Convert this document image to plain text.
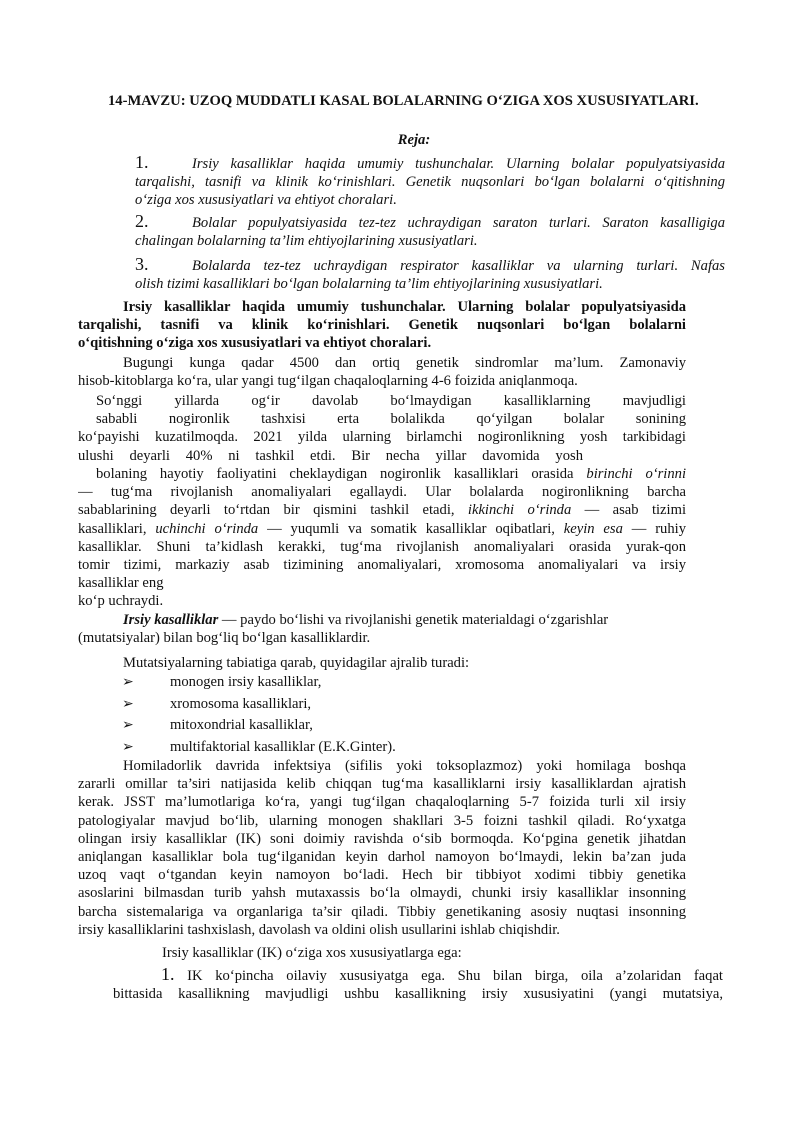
14-MAVZU: UZOQ MUDDATLI KASAL BOLALARNING O‘ZIGA XOS XUSUSIYATLARI.
Reja:
1.	Irsiy kasalliklar haqida umumiy tushunchalar. Ularning bolalar populyatsiyasida
tarqalishi, tasnifi va klinik ko‘rinishlari. Genetik nuqsonlari bo‘lgan bolalarni o‘qitishning
o‘ziga xos xususiyatlari va ehtiyot choralari.
2.	Bolalar populyatsiyasida tez-tez uchraydigan saraton turlari. Saraton kasalligiga
chalingan bolalarning ta’lim ehtiyojlarining xususiyatlari.
3.	Bolalarda tez-tez uchraydigan respirator kasalliklar va ularning turlari. Nafas
olish tizimi kasalliklari bo‘lgan bolalarning ta’lim ehtiyojlarining xususiyatlari.
Irsiy kasalliklar haqida umumiy tushunchalar. Ularning bolalar populyatsiyasida
tarqalishi, tasnifi va klinik ko‘rinishlari. Genetik nuqsonlari bo‘lgan bolalarni
o‘qitishning o‘ziga xos xususiyatlari va ehtiyot choralari.
Bugungi kunga qadar 4500 dan ortiq genetik sindromlar ma’lum. Zamonaviy
hisob-kitoblarga ko‘ra, ular yangi tug‘ilgan chaqaloqlarning 4-6 foizida aniqlanmoqa.
So‘nggi yillarda og‘ir davolab bo‘lmaydigan kasalliklarning mavjudligi
sababli nogironlik tashxisi erta bolalikda qo‘yilgan bolalar sonining
ko‘payishi kuzatilmoqda. 2021 yilda ularning birlamchi nogironlikning yosh tarkibidagi
ulushi deyarli 40% ni tashkil etdi. Bir necha yillar davomida yosh
bolaning hayotiy faoliyatini cheklaydigan nogironlik kasalliklari orasida birinchi o‘rinni
— tug‘ma rivojlanish anomaliyalari egallaydi. Ular bolalarda nogironlikning barcha
sabablarining deyarli to‘rtdan bir qismini tashkil etadi, ikkinchi o‘rinda — asab tizimi
kasalliklari, uchinchi o‘rinda — yuqumli va somatik kasalliklar oqibatlari, keyin esa — ruhiy
kasalliklar. Shuni ta’kidlash kerakki, tug‘ma rivojlanish anomaliyalari orasida yurak-qon
tomir tizimi, markaziy asab tizimining anomaliyalari, xromosoma anomaliyalari va irsiy
kasalliklar eng
ko‘p uchraydi.
Irsiy kasalliklar — paydo bo‘lishi va rivojlanishi genetik materialdagi o‘zgarishlar
(mutatsiyalar) bilan bog‘liq bo‘lgan kasalliklardir.
Mutatsiyalarning tabiatiga qarab, quyidagilar ajralib turadi:
➢ monogen irsiy kasalliklar,
➢ xromosoma kasalliklari,
➢ mitoxondrial kasalliklar,
➢ multifaktorial kasalliklar (E.K.Ginter).
Homiladorlik davrida infektsiya (sifilis yoki toksoplazmoz) yoki homilaga boshqa
zararli omillar ta’siri natijasida kelib chiqqan tug‘ma kasalliklarni irsiy kasalliklardan ajratish
kerak. JSST ma’lumotlariga ko‘ra, yangi tug‘ilgan chaqaloqlarning 5-7 foizida turli xil irsiy
patologiyalar mavjud bo‘lib, ularning monogen shakllari 3-5 foizni tashkil qiladi. Ro‘yxatga
olingan irsiy kasalliklar (IK) soni doimiy ravishda o‘sib bormoqda. Ko‘pgina genetik jihatdan
aniqlangan kasalliklar bola tug‘ilganidan keyin darhol namoyon bo‘lmaydi, lekin ba’zan juda
uzoq vaqt o‘tgandan keyin namoyon bo‘ladi. Hech bir tibbiyot xodimi tibbiy genetika
asoslarini bilmasdan turib yahsh mutaxassis bo‘la olmaydi, chunki irsiy kasalliklar insonning
barcha sistemalariga va organlariga ta’sir qiladi. Tibbiy genetikaning asosiy nuqtasi insonning
irsiy kasalliklarini tashxislash, davolash va oldini olish usullarini ishlab chiqishdir.
Irsiy kasalliklar (IK) o‘ziga xos xususiyatlarga ega:
1. IK ko‘pincha oilaviy xususiyatga ega. Shu bilan birga, oila a’zolaridan faqat
bittasida kasallikning mavjudligi ushbu kasallikning irsiy xususiyatini (yangi mutatsiya,
